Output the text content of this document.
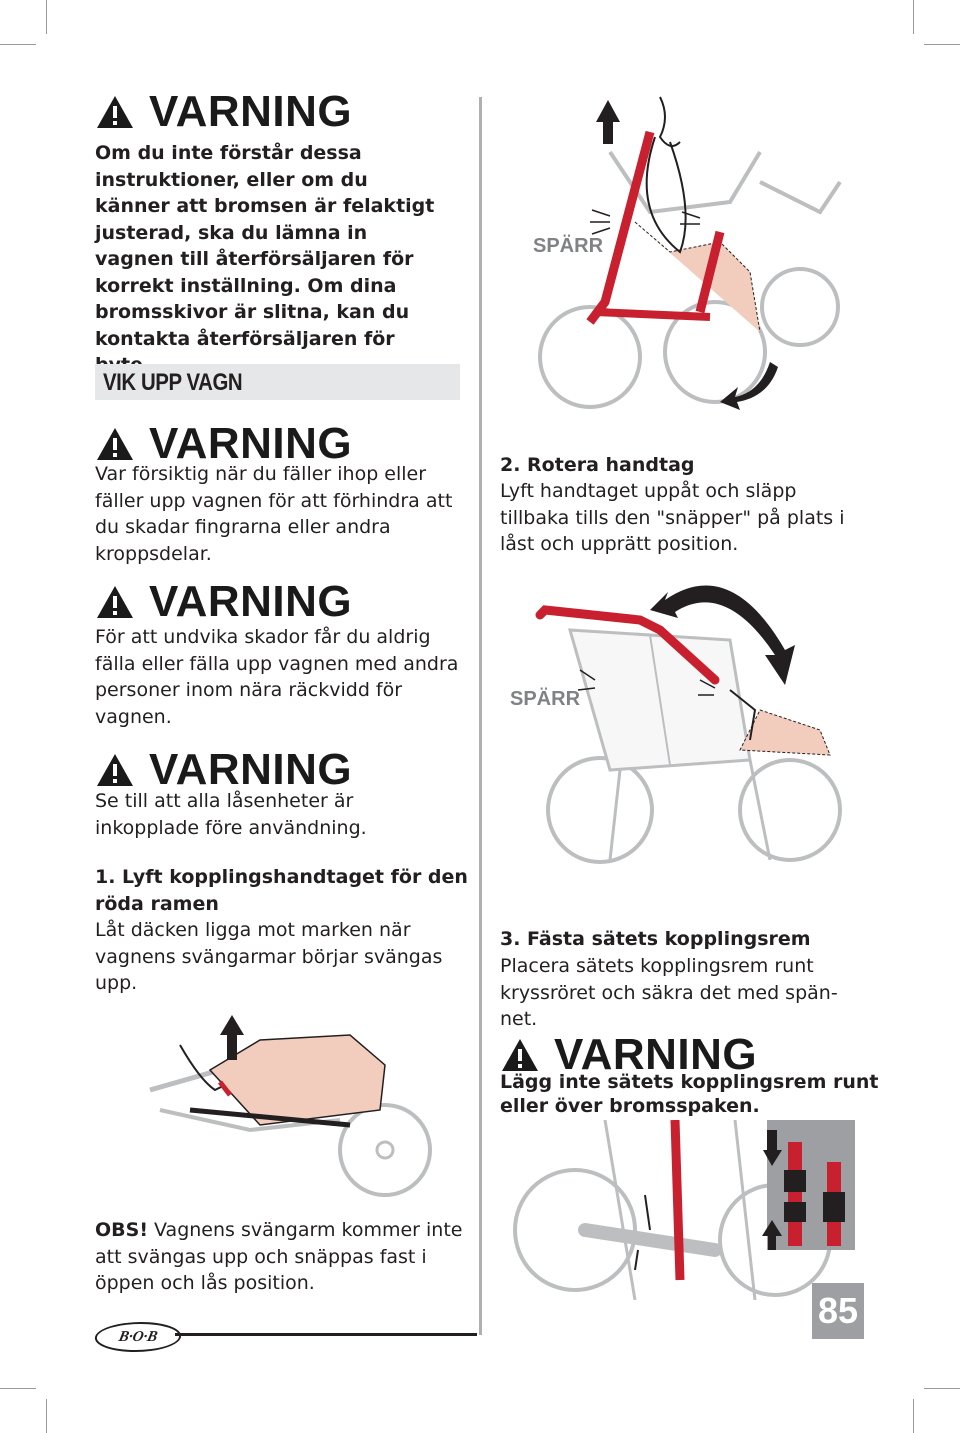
VARNING
Om du inte förstår dessa instruktioner, eller om du känner att bromsen är felaktigt justerad, ska du lämna in vagnen till återförsäljaren för korrekt inställning. Om dina bromsskivor är slitna, kan du kontakta återförsäljaren för
VIK UPP VAGN
VARNING
Var försiktig när du fäller ihop eller fäller upp vagnen för att förhindra att du skadar fingrarna eller andra kroppsdelar.
VARNING
För att undvika skador får du aldrig fälla eller fälla upp vagnen med andra personer inom nära räckvidd för vagnen.
VARNING
Se till att alla låsenheter är inkopplade före användning.
1. Lyft kopplingshandtaget för den röda ramen
Låt däcken ligga mot marken när vagnens svängarmar börjar svängas upp.
OBS! Vagnens svängarm kommer inte att svängas upp och snäppas fast i öppen och lås position.
B·O·B
SPÄRR
2. Rotera handtag
Lyft handtaget uppåt och släpp tillbaka tills den "snäpper" på plats i låst och upprätt position.
SPÄRR
3. Fästa sätets kopplingsrem
Placera sätets kopplingsrem runt kryssröret och säkra det med spän-net.
VARNING
Lägg inte sätets kopplingsrem runt eller över bromsspaken.
85
